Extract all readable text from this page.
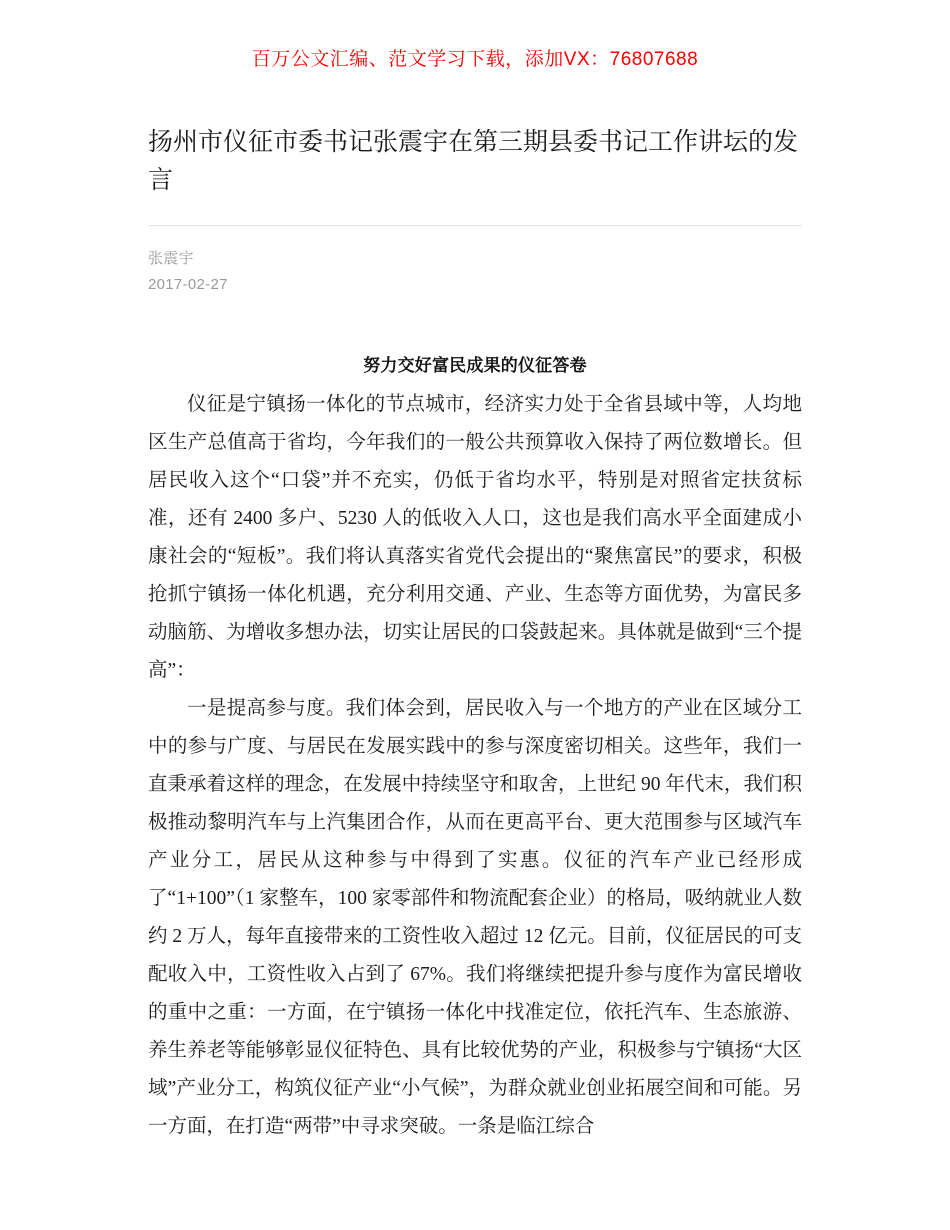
百万公文汇编、范文学习下载，添加VX：76807688
扬州市仪征市委书记张震宇在第三期县委书记工作讲坛的发言
张震宇
2017-02-27
努力交好富民成果的仪征答卷

仪征是宁镇扬一体化的节点城市，经济实力处于全省县域中等，人均地区生产总值高于省均，今年我们的一般公共预算收入保持了两位数增长。但居民收入这个“口袋”并不充实，仍低于省均水平，特别是对照省定扶贫标准，还有 2400 多户、5230 人的低收入人口，这也是我们高水平全面建成小康社会的“短板”。我们将认真落实省党代会提出的“聚焦富民”的要求，积极抢抓宁镇扬一体化机遇，充分利用交通、产业、生态等方面优势，为富民多动脑筋、为增收多想办法，切实让居民的口袋鼓起来。具体就是做到“三个提高”：

一是提高参与度。我们体会到，居民收入与一个地方的产业在区域分工中的参与广度、与居民在发展实践中的参与深度密切相关。这些年，我们一直秉承着这样的理念，在发展中持续坚守和取舍，上世纪 90 年代末，我们积极推动黎明汽车与上汽集团合作，从而在更高平台、更大范围参与区域汽车产业分工，居民从这种参与中得到了实惠。仪征的汽车产业已经形成了“1+100”（1 家整车，100 家零部件和物流配套企业）的格局，吸纳就业人数约 2 万人，每年直接带来的工资性收入超过 12 亿元。目前，仪征居民的可支配收入中，工资性收入占到了 67%。我们将继续把提升参与度作为富民增收的重中之重：一方面，在宁镇扬一体化中找准定位，依托汽车、生态旅游、养生养老等能够彰显仪征特色、具有比较优势的产业，积极参与宁镇扬“大区域”产业分工，构筑仪征产业“小气候”，为群众就业创业拓展空间和可能。另一方面，在打造“两带”中寻求突破。一条是临江综合
